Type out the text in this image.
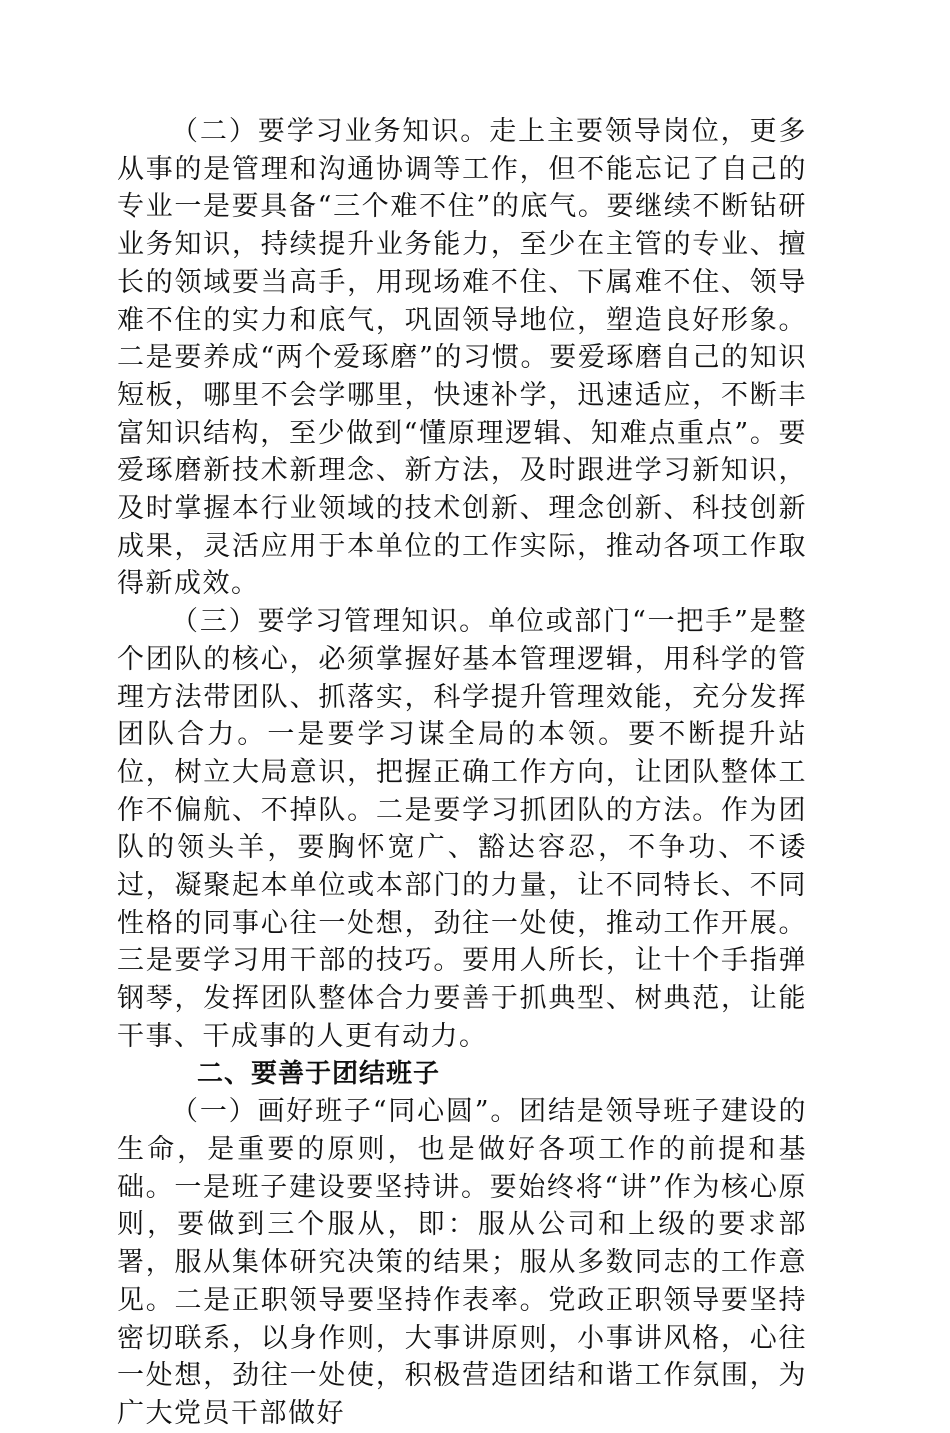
（二）要学习业务知识。走上主要领导岗位，更多从事的是管理和沟通协调等工作，但不能忘记了自己的专业一是要具备“三个难不住”的底气。要继续不断钻研业务知识，持续提升业务能力，至少在主管的专业、擅长的领域要当高手，用现场难不住、下属难不住、领导难不住的实力和底气，巩固领导地位，塑造良好形象。二是要养成“两个爱琢磨”的习惯。要爱琢磨自己的知识短板，哪里不会学哪里，快速补学，迅速适应，不断丰富知识结构，至少做到“懂原理逻辑、知难点重点”。要爱琢磨新技术新理念、新方法，及时跟进学习新知识，及时掌握本行业领域的技术创新、理念创新、科技创新成果，灵活应用于本单位的工作实际，推动各项工作取得新成效。

（三）要学习管理知识。单位或部门“一把手”是整个团队的核心，必须掌握好基本管理逻辑，用科学的管理方法带团队、抓落实，科学提升管理效能，充分发挥团队合力。一是要学习谋全局的本领。要不断提升站位，树立大局意识，把握正确工作方向，让团队整体工作不偏航、不掉队。二是要学习抓团队的方法。作为团队的领头羊，要胸怀宽广、豁达容忍，不争功、不诿过，凝聚起本单位或本部门的力量，让不同特长、不同性格的同事心往一处想，劲往一处使，推动工作开展。三是要学习用干部的技巧。要用人所长，让十个手指弹钢琴，发挥团队整体合力要善于抓典型、树典范，让能干事、干成事的人更有动力。

二、要善于团结班子

（一）画好班子“同心圆”。团结是领导班子建设的生命，是重要的原则，也是做好各项工作的前提和基础。一是班子建设要坚持讲。要始终将“讲”作为核心原则，要做到三个服从，即：服从公司和上级的要求部署，服从集体研究决策的结果；服从多数同志的工作意见。二是正职领导要坚持作表率。党政正职领导要坚持密切联系，以身作则，大事讲原则，小事讲风格，心往一处想，劲往一处使，积极营造团结和谐工作氛围，为广大党员干部做好
